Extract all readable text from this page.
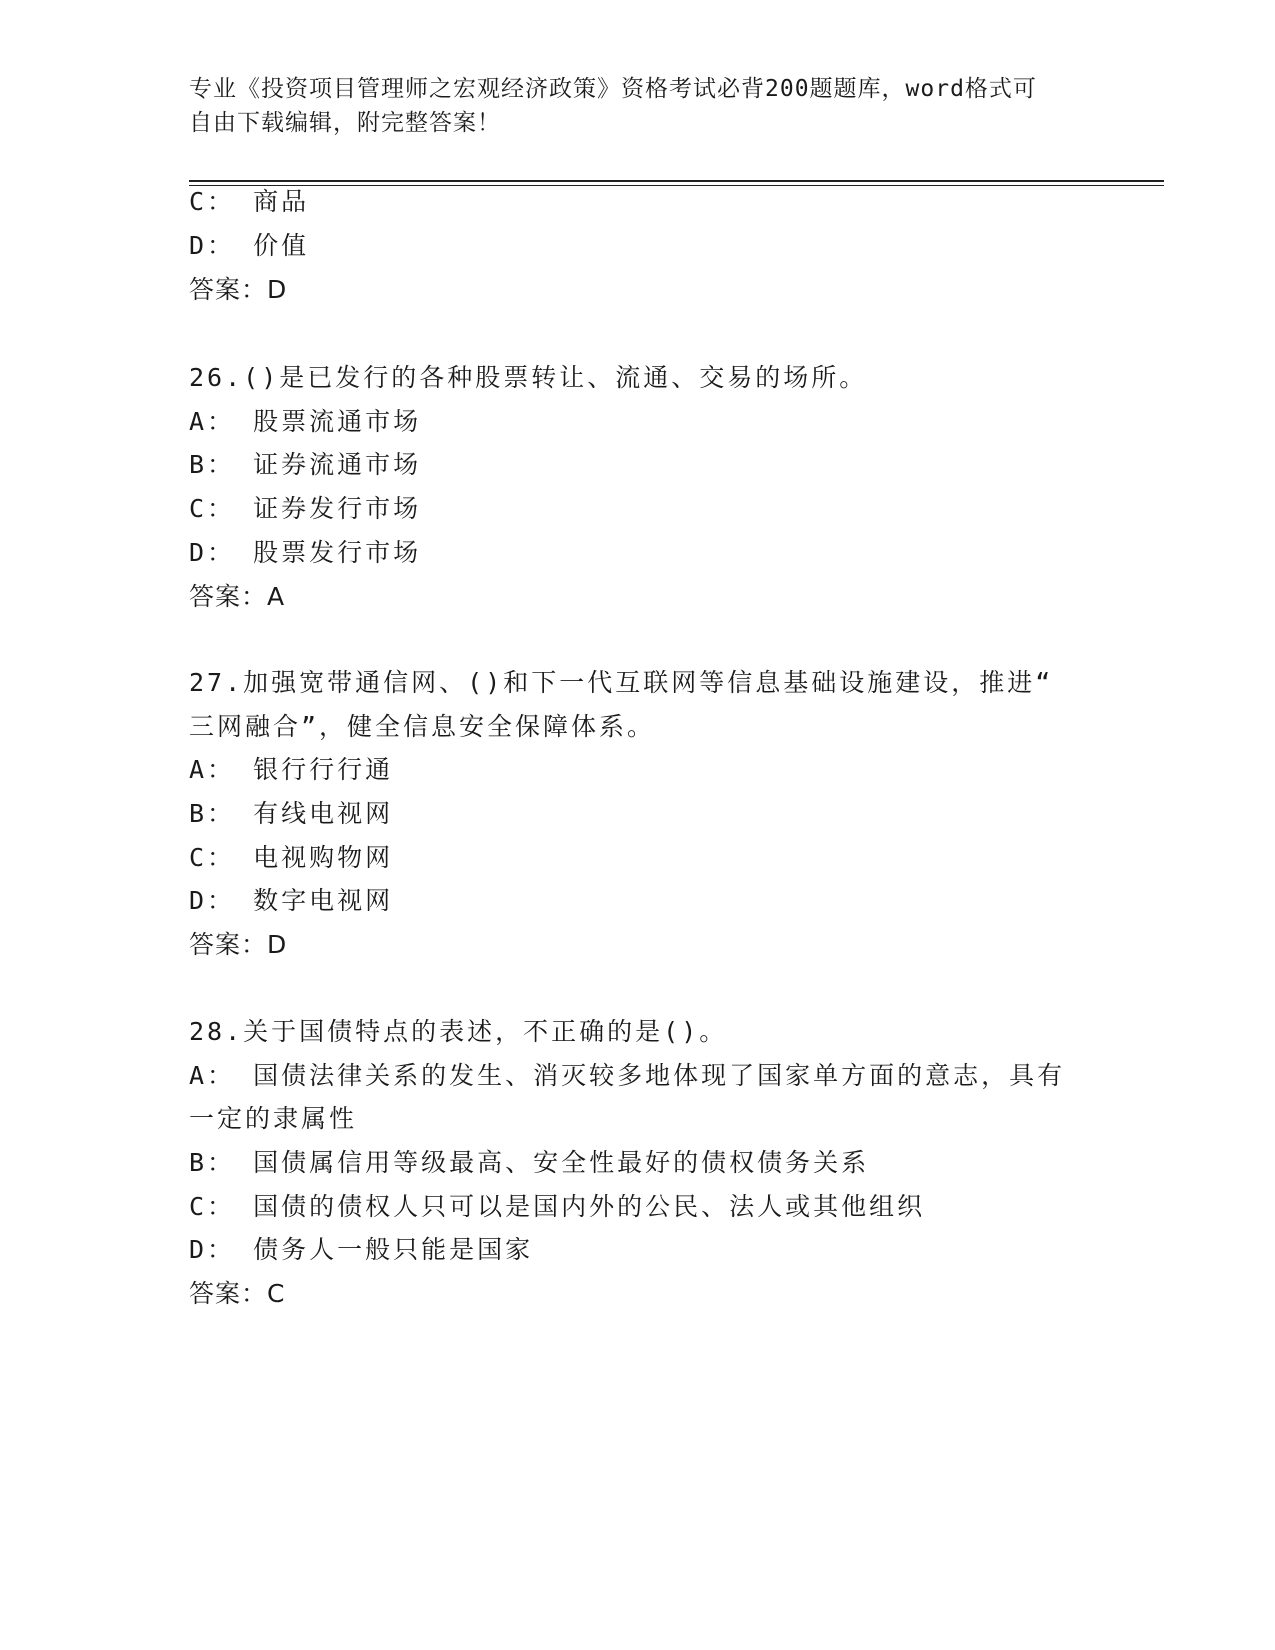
专业《投资项目管理师之宏观经济政策》资格考试必背200题题库，word格式可
自由下载编辑，附完整答案！
C： 商品
D： 价值
答案：D
26.()是已发行的各种股票转让、流通、交易的场所。
A： 股票流通市场
B： 证券流通市场
C： 证券发行市场
D： 股票发行市场
答案：A
27.加强宽带通信网、()和下一代互联网等信息基础设施建设，推进“
三网融合”，健全信息安全保障体系。
A： 银行行行通
B： 有线电视网
C： 电视购物网
D： 数字电视网
答案：D
28.关于国债特点的表述，不正确的是()。
A： 国债法律关系的发生、消灭较多地体现了国家单方面的意志，具有
一定的隶属性
B： 国债属信用等级最高、安全性最好的债权债务关系
C： 国债的债权人只可以是国内外的公民、法人或其他组织
D： 债务人一般只能是国家
答案：C
